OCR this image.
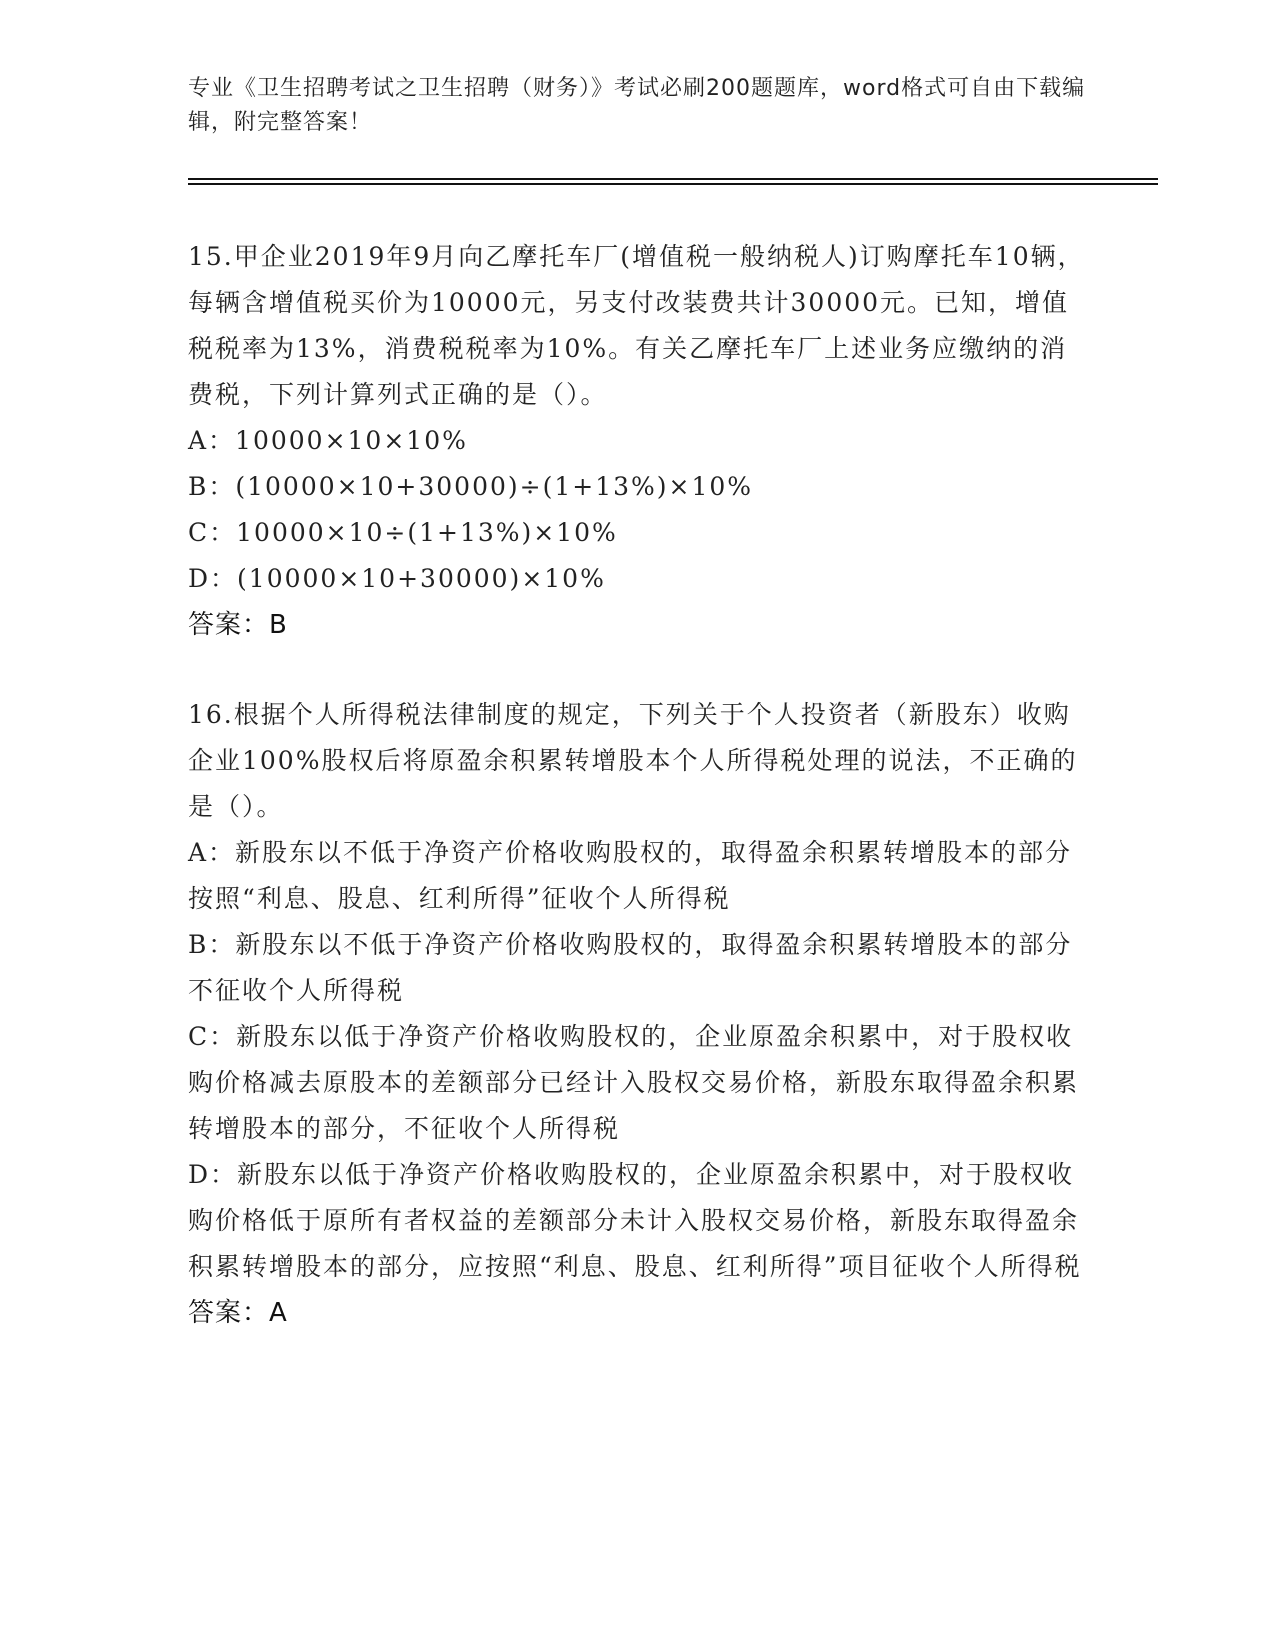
专业《卫生招聘考试之卫生招聘（财务）》考试必刷200题题库，word格式可自由下载编辑，附完整答案！

15.甲企业2019年9月向乙摩托车厂(增值税一般纳税人)订购摩托车10辆，每辆含增值税买价为10000元，另支付改装费共计30000元。已知，增值税税率为13%，消费税税率为10%。有关乙摩托车厂上述业务应缴纳的消费税，下列计算列式正确的是（）。

A：10000×10×10%

B：(10000×10+30000)÷(1+13%)×10%

C：10000×10÷(1+13%)×10%

D：(10000×10+30000)×10%

答案：B

16.根据个人所得税法律制度的规定，下列关于个人投资者（新股东）收购企业100%股权后将原盈余积累转增股本个人所得税处理的说法，不正确的是（）。

A：新股东以不低于净资产价格收购股权的，取得盈余积累转增股本的部分按照“利息、股息、红利所得”征收个人所得税

B：新股东以不低于净资产价格收购股权的，取得盈余积累转增股本的部分不征收个人所得税

C：新股东以低于净资产价格收购股权的，企业原盈余积累中，对于股权收购价格减去原股本的差额部分已经计入股权交易价格，新股东取得盈余积累转增股本的部分，不征收个人所得税

D：新股东以低于净资产价格收购股权的，企业原盈余积累中，对于股权收购价格低于原所有者权益的差额部分未计入股权交易价格，新股东取得盈余积累转增股本的部分，应按照“利息、股息、红利所得”项目征收个人所得税

答案：A
